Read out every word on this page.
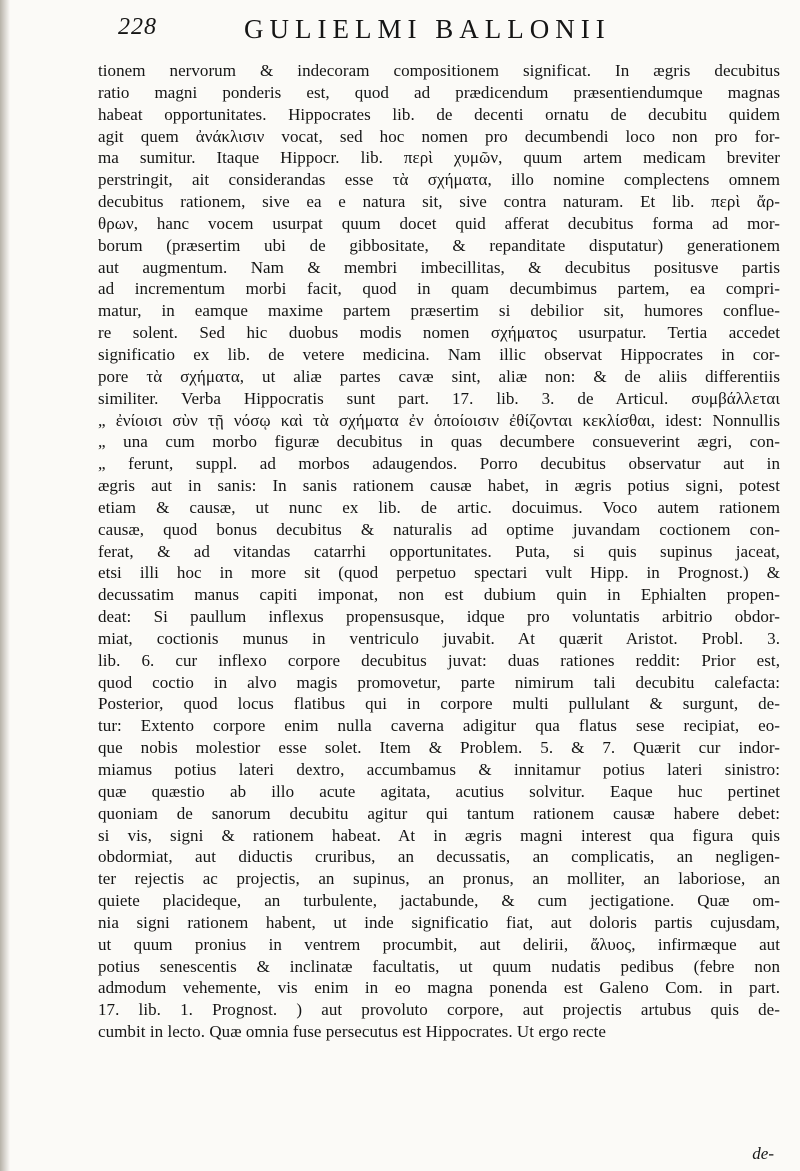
228	GULIELMI BALLONII
tionem nervorum & indecoram compositionem significat. In ægris decubitus
ratio magni ponderis est, quod ad prædicendum præsentiendumque magnas
habeat opportunitates. Hippocrates lib. de decenti ornatu de decubitu quidem
agit quem ἀνάκλισιν vocat, sed hoc nomen pro decumbendi loco non pro for-
ma sumitur. Itaque Hippocr. lib. περὶ χυμῶν, quum artem medicam breviter
perstringit, ait considerandas esse τὰ σχήματα, illo nomine complectens omnem
decubitus rationem, sive ea e natura sit, sive contra naturam. Et lib. περὶ ἄρ-
θρων, hanc vocem usurpat quum docet quid afferat decubitus forma ad mor-
borum (præsertim ubi de gibbositate, & repanditate disputatur) generationem
aut augmentum. Nam & membri imbecillitas, & decubitus positusve partis
ad incrementum morbi facit, quod in quam decumbimus partem, ea compri-
matur, in eamque maxime partem præsertim si debilior sit, humores conflue-
re solent. Sed hic duobus modis nomen σχήματος usurpatur. Tertia accedet
significatio ex lib. de vetere medicina. Nam illic observat Hippocrates in cor-
pore τὰ σχήματα, ut aliæ partes cavæ sint, aliæ non: & de aliis differentiis
similiter. Verba Hippocratis sunt part. 17. lib. 3. de Articul. συμβάλλεται
„ ἐνίοισι σὺν τῇ νόσῳ καὶ τὰ σχήματα ἐν ὁποίοισιν ἐθίζονται κεκλίσθαι, idest: Nonnullis
„ una cum morbo figuræ decubitus in quas decumbere consueverint ægri, con-
„ ferunt, suppl. ad morbos adaugendos. Porro decubitus observatur aut in
ægris aut in sanis: In sanis rationem causæ habet, in ægris potius signi, potest
etiam & causæ, ut nunc ex lib. de artic. docuimus. Voco autem rationem
causæ, quod bonus decubitus & naturalis ad optime juvandam coctionem con-
ferat, & ad vitandas catarrhi opportunitates. Puta, si quis supinus jaceat,
etsi illi hoc in more sit (quod perpetuo spectari vult Hipp. in Prognost.) &
decussatim manus capiti imponat, non est dubium quin in Ephialten propen-
deat: Si paullum inflexus propensusque, idque pro voluntatis arbitrio obdor-
miat, coctionis munus in ventriculo juvabit. At quærit Aristot. Probl. 3.
lib. 6. cur inflexo corpore decubitus juvat: duas rationes reddit: Prior est,
quod coctio in alvo magis promovetur, parte nimirum tali decubitu calefacta:
Posterior, quod locus flatibus qui in corpore multi pullulant & surgunt, de-
tur: Extento corpore enim nulla caverna adigitur qua flatus sese recipiat, eo-
que nobis molestior esse solet. Item & Problem. 5. & 7. Quærit cur indor-
miamus potius lateri dextro, accumbamus & innitamur potius lateri sinistro:
quæ quæstio ab illo acute agitata, acutius solvitur. Eaque huc pertinet
quoniam de sanorum decubitu agitur qui tantum rationem causæ habere debet:
si vis, signi & rationem habeat. At in ægris magni interest qua figura quis
obdormiat, aut diductis cruribus, an decussatis, an complicatis, an negligen-
ter rejectis ac projectis, an supinus, an pronus, an molliter, an laboriose, an
quiete placideque, an turbulente, jactabunde, & cum jectigatione. Quæ om-
nia signi rationem habent, ut inde significatio fiat, aut doloris partis cujusdam,
ut quum pronius in ventrem procumbit, aut delirii, ἄλυος, infirmæque aut
potius senescentis & inclinatæ facultatis, ut quum nudatis pedibus (febre non
admodum vehemente, vis enim in eo magna ponenda est Galeno Com. in part.
17. lib. 1. Prognost. ) aut provoluto corpore, aut projectis artubus quis de-
cumbit in lecto. Quæ omnia fuse persecutus est Hippocrates. Ut ergo recte
de-
